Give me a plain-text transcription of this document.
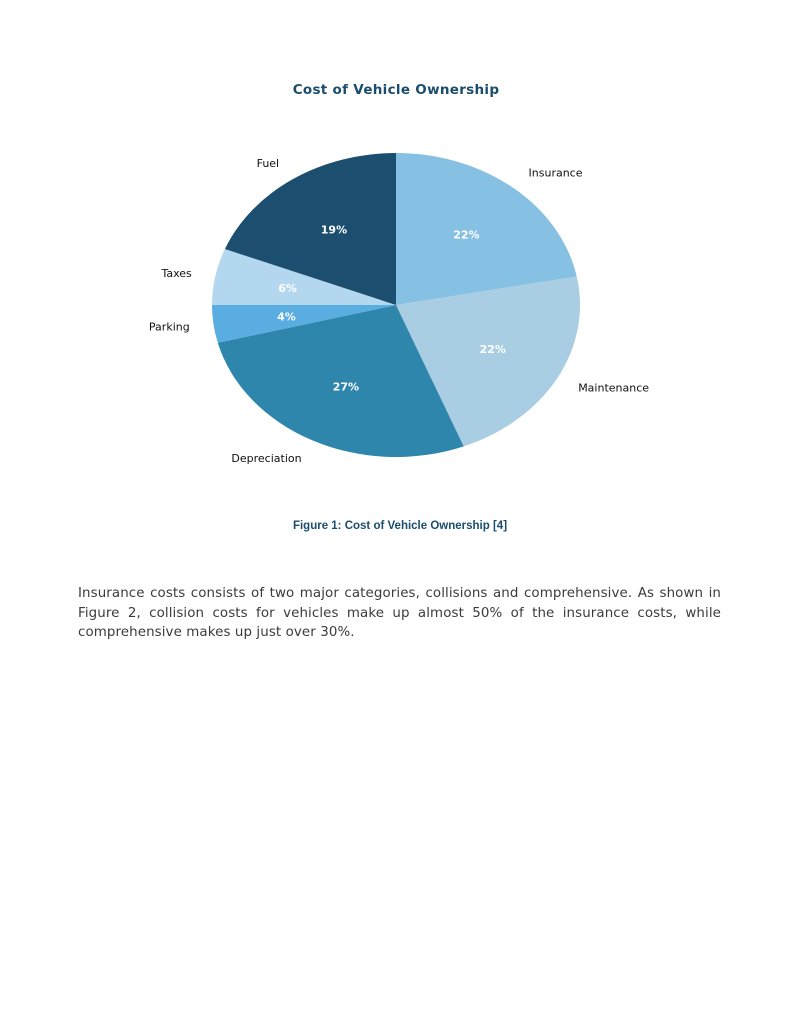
Cost of Vehicle Ownership
22%
Insurance
22%
Maintenance
27%
Depreciation
4%
Parking
6%
Taxes
19%
Fuel
Figure 1: Cost of Vehicle Ownership [4]

Insurance costs consists of two major categories, collisions and comprehensive. As shown in Figure 2, collision costs for vehicles make up almost 50% of the insurance costs, while comprehensive makes up just over 30%.
